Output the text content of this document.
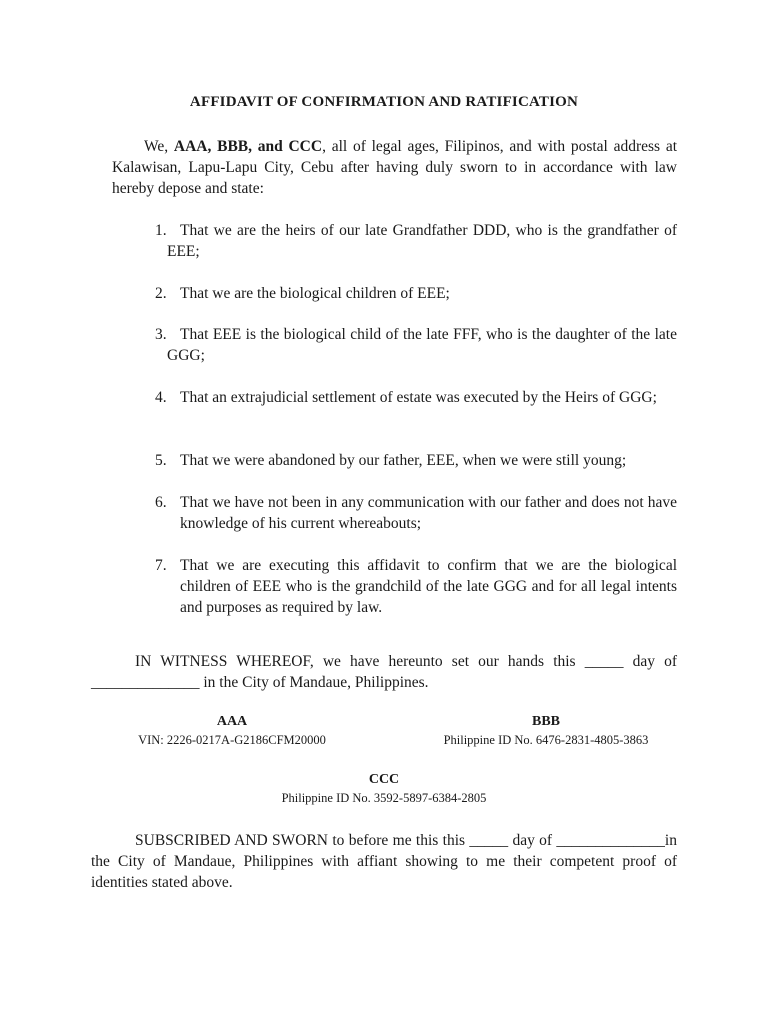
AFFIDAVIT OF CONFIRMATION AND RATIFICATION

We, AAA, BBB, and CCC, all of legal ages, Filipinos, and with postal address at Kalawisan, Lapu-Lapu City, Cebu after having duly sworn to in accordance with law hereby depose and state:

1. That we are the heirs of our late Grandfather DDD, who is the grandfather of EEE;
2. That we are the biological children of EEE;
3. That EEE is the biological child of the late FFF, who is the daughter of the late GGG;
4. That an extrajudicial settlement of estate was executed by the Heirs of GGG;
5. That we were abandoned by our father, EEE, when we were still young;
6. That we have not been in any communication with our father and does not have knowledge of his current whereabouts;
7. That we are executing this affidavit to confirm that we are the biological children of EEE who is the grandchild of the late GGG and for all legal intents and purposes as required by law.

IN WITNESS WHEREOF, we have hereunto set our hands this _____ day of ______________ in the City of Mandaue, Philippines.

AAA
VIN: 2226-0217A-G2186CFM20000
BBB
Philippine ID No. 6476-2831-4805-3863
CCC
Philippine ID No. 3592-5897-6384-2805

SUBSCRIBED AND SWORN to before me this this _____ day of ______________in the City of Mandaue, Philippines with affiant showing to me their competent proof of identities stated above.
